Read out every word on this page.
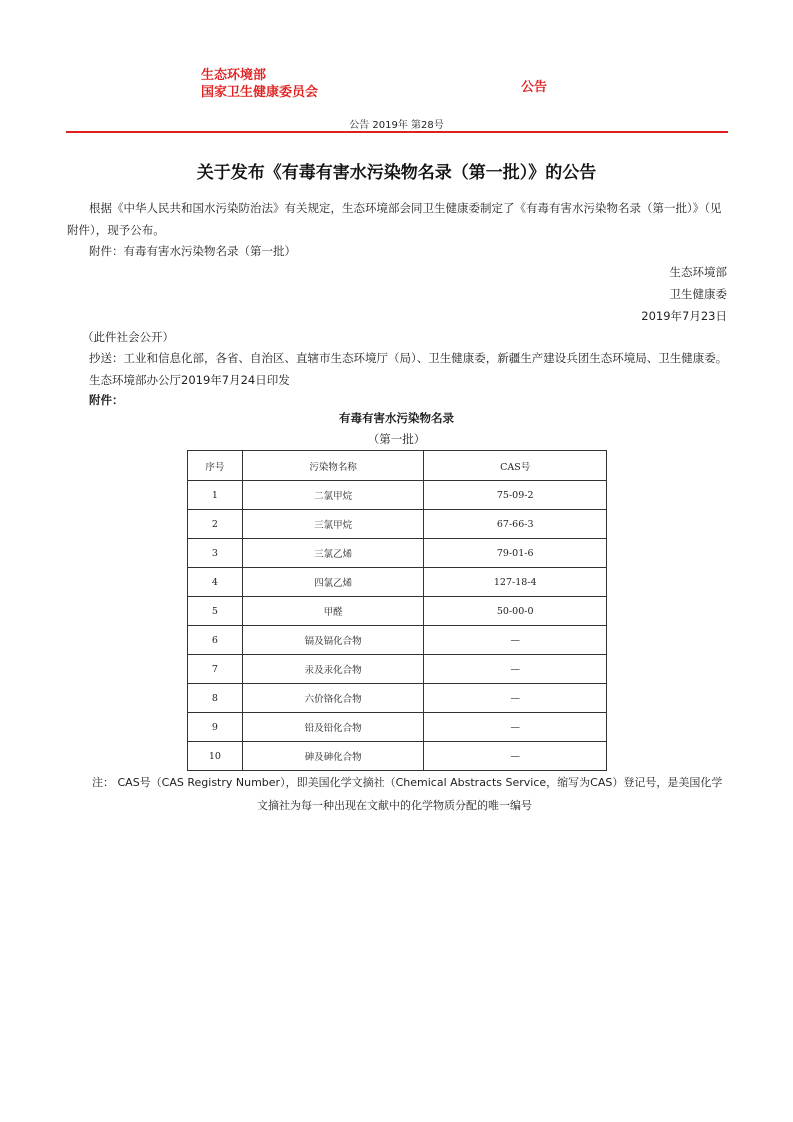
生态环境部
国家卫生健康委员会	公告
公告 2019年 第28号
关于发布《有毒有害水污染物名录（第一批）》的公告
根据《中华人民共和国水污染防治法》有关规定，生态环境部会同卫生健康委制定了《有毒有害水污染物名录（第一批）》（见附件），现予公布。
附件：有毒有害水污染物名录（第一批）
生态环境部
卫生健康委
2019年7月23日
（此件社会公开）
抄送：工业和信息化部，各省、自治区、直辖市生态环境厅（局）、卫生健康委，新疆生产建设兵团生态环境局、卫生健康委。
生态环境部办公厅2019年7月24日印发
附件：
有毒有害水污染物名录
（第一批）
序号	污染物名称	CAS号
1	二氯甲烷	75-09-2
2	三氯甲烷	67-66-3
3	三氯乙烯	79-01-6
4	四氯乙烯	127-18-4
5	甲醛	50-00-0
6	镉及镉化合物	—
7	汞及汞化合物	—
8	六价铬化合物	—
9	铅及铅化合物	—
10	砷及砷化合物	—
注： CAS号（CAS Registry Number），即美国化学文摘社（Chemical Abstracts Service，缩写为CAS）登记号，是美国化学
文摘社为每一种出现在文献中的化学物质分配的唯一编号
